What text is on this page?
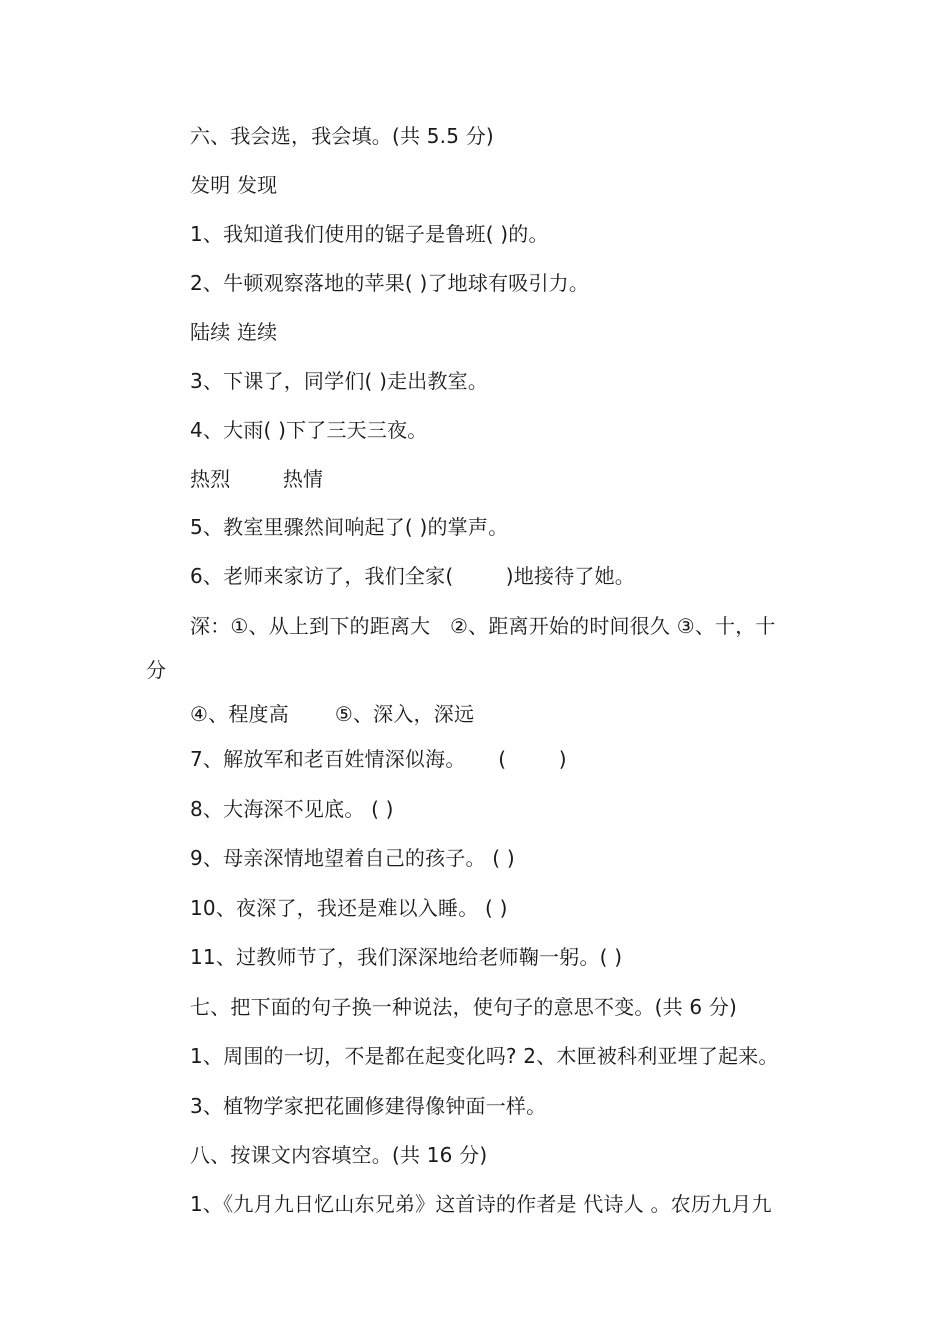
六、我会选，我会填。(共 5.5 分)
发明 发现
1、我知道我们使用的锯子是鲁班( )的。
2、牛顿观察落地的苹果( )了地球有吸引力。
陆续 连续
3、下课了，同学们( )走出教室。
4、大雨( )下了三天三夜。
热烈        热情
5、教室里骤然间响起了( )的掌声。
6、老师来家访了，我们全家(        )地接待了她。
深：①、从上到下的距离大   ②、距离开始的时间很久 ③、十，十
分
④、程度高       ⑤、深入，深远
7、解放军和老百姓情深似海。     (        )
8、大海深不见底。 ( )
9、母亲深情地望着自己的孩子。 ( )
10、夜深了，我还是难以入睡。 ( )
11、过教师节了，我们深深地给老师鞠一躬。( )
七、把下面的句子换一种说法，使句子的意思不变。(共 6 分)
1、周围的一切，不是都在起变化吗? 2、木匣被科利亚埋了起来。
3、植物学家把花圃修建得像钟面一样。
八、按课文内容填空。(共 16 分)
1、《九月九日忆山东兄弟》这首诗的作者是 代诗人 。农历九月九
